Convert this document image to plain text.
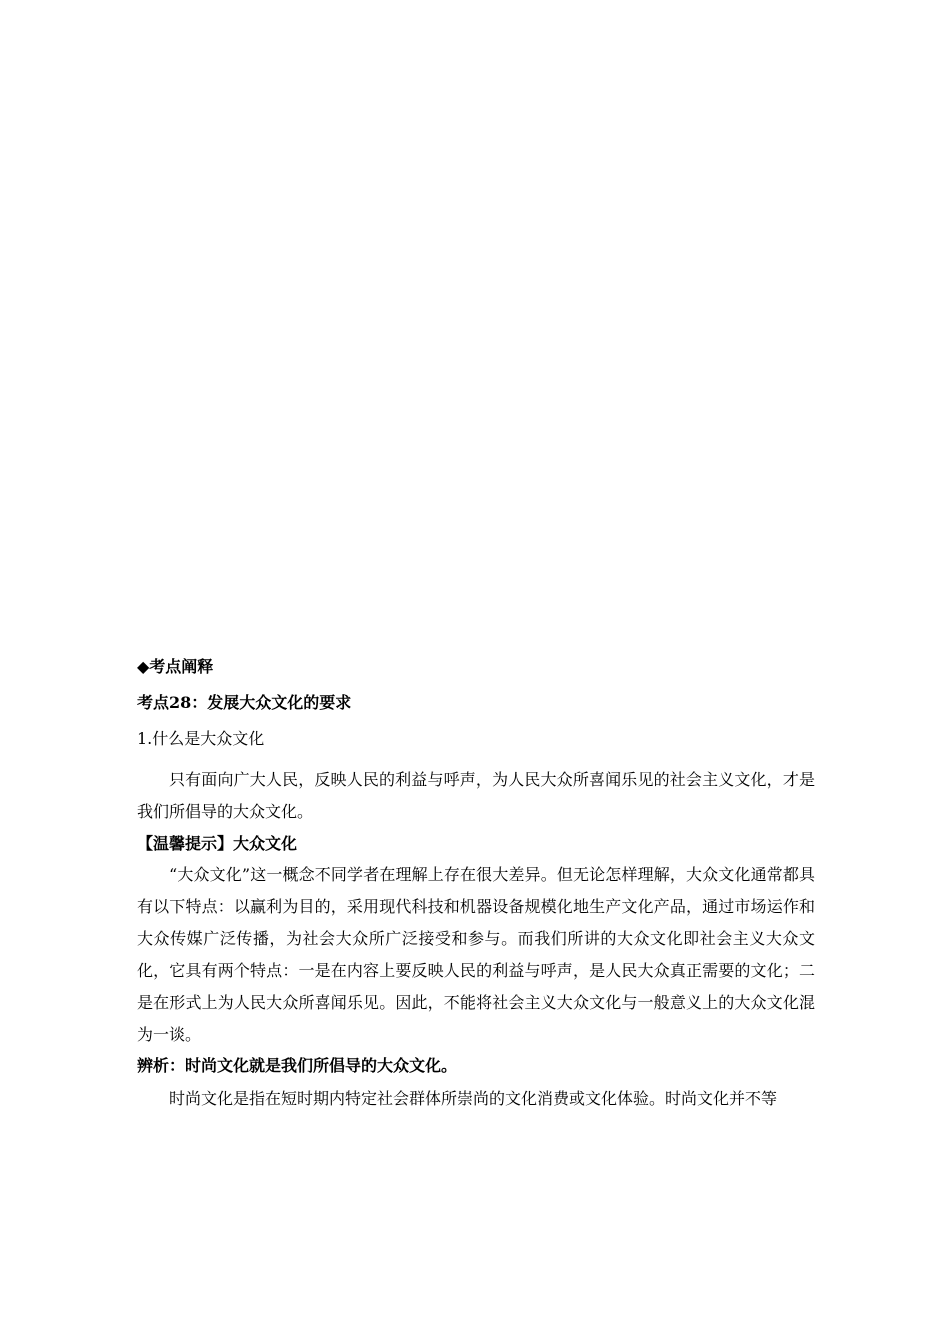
◆考点阐释
考点28：发展大众文化的要求
1.什么是大众文化

只有面向广大人民，反映人民的利益与呼声，为人民大众所喜闻乐见的社会主义文化，才是我们所倡导的大众文化。

【温馨提示】大众文化

“大众文化”这一概念不同学者在理解上存在很大差异。但无论怎样理解，大众文化通常都具有以下特点：以赢利为目的，采用现代科技和机器设备规模化地生产文化产品，通过市场运作和大众传媒广泛传播，为社会大众所广泛接受和参与。而我们所讲的大众文化即社会主义大众文化，它具有两个特点：一是在内容上要反映人民的利益与呼声，是人民大众真正需要的文化；二是在形式上为人民大众所喜闻乐见。因此，不能将社会主义大众文化与一般意义上的大众文化混为一谈。

辨析：时尚文化就是我们所倡导的大众文化。

时尚文化是指在短时期内特定社会群体所崇尚的文化消费或文化体验。时尚文化并不等
